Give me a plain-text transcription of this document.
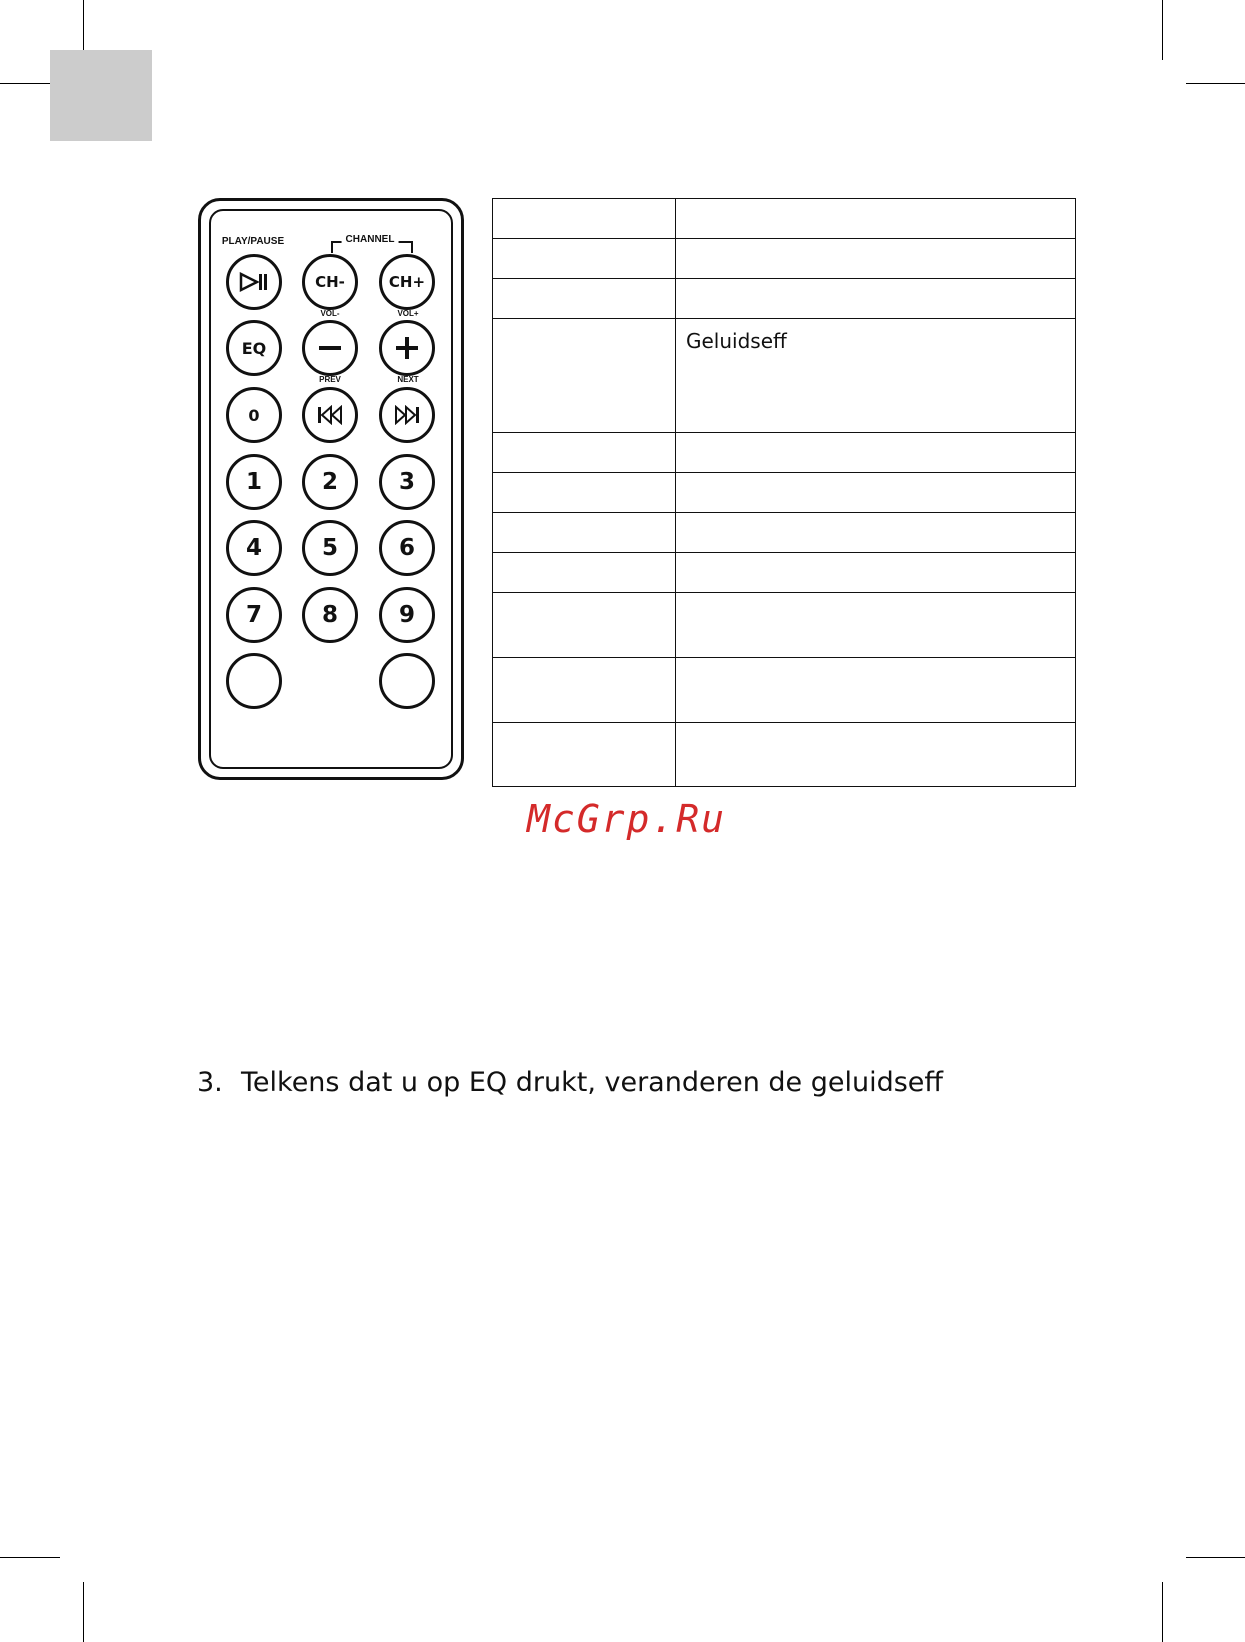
PLAY/PAUSE	CHANNEL
CH-	CH+
VOL-	VOL+
EQ
PREV	NEXT
0
1	2	3
4	5	6
7	8	9

	Geluidseff

McGrp.Ru
3. Telkens dat u op EQ drukt, veranderen de geluidseff
